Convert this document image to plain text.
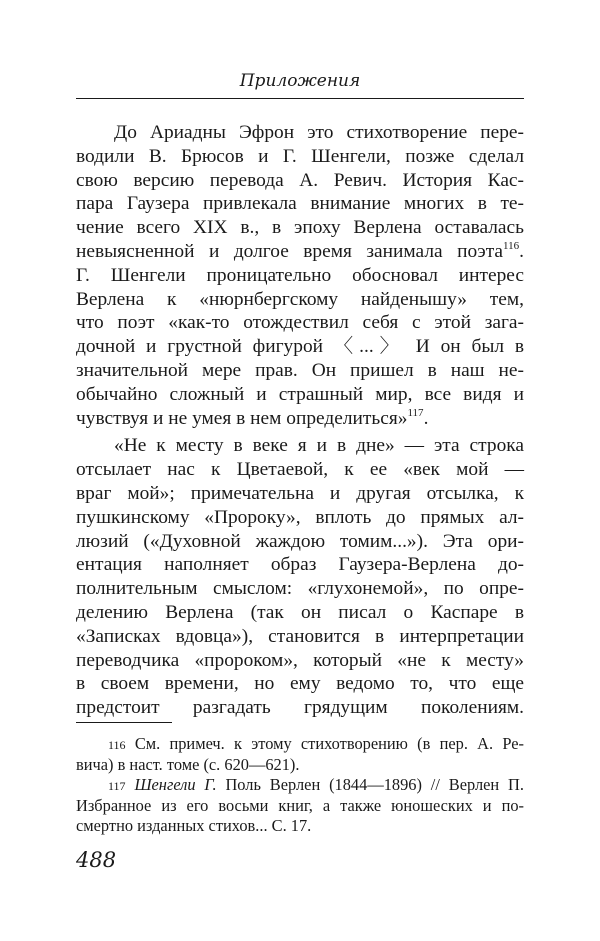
Приложения
До Ариадны Эфрон это стихотворение пере-
водили В. Брюсов и Г. Шенгели, позже сделал
свою версию перевода А. Ревич. История Кас-
пара Гаузера привлекала внимание многих в те-
чение всего XIX в., в эпоху Верлена оставалась
невыясненной и долгое время занимала поэта$^{116}$.
Г. Шенгели проницательно обосновал интерес
Верлена к «нюрнбергскому найденышу» тем,
что поэт «как-то отождествил себя с этой зага-
дочной и грустной фигурой 〈...〉 И он был в
значительной мере прав. Он пришел в наш не-
обычайно сложный и страшный мир, все видя и
чувствуя и не умея в нем определиться»$^{117}$.
«Не к месту в веке я и в дне» — эта строка
отсылает нас к Цветаевой, к ее «век мой —
враг мой»; примечательна и другая отсылка, к
пушкинскому «Пророку», вплоть до прямых ал-
люзий («Духовной жаждою томим...»). Эта ори-
ентация наполняет образ Гаузера-Верлена до-
полнительным смыслом: «глухонемой», по опре-
делению Верлена (так он писал о Каспаре в
«Записках вдовца»), становится в интерпретации
переводчика «пророком», который «не к месту»
в своем времени, но ему ведомо то, что еще
предстоит разгадать грядущим поколениям.
116 См. примеч. к этому стихотворению (в пер. А. Ре-
вича) в наст. томе (с. 620—621).
117 Шенгели Г. Поль Верлен (1844—1896) // Верлен П.
Избранное из его восьми книг, а также юношеских и по-
смертно изданных стихов... С. 17.
488
